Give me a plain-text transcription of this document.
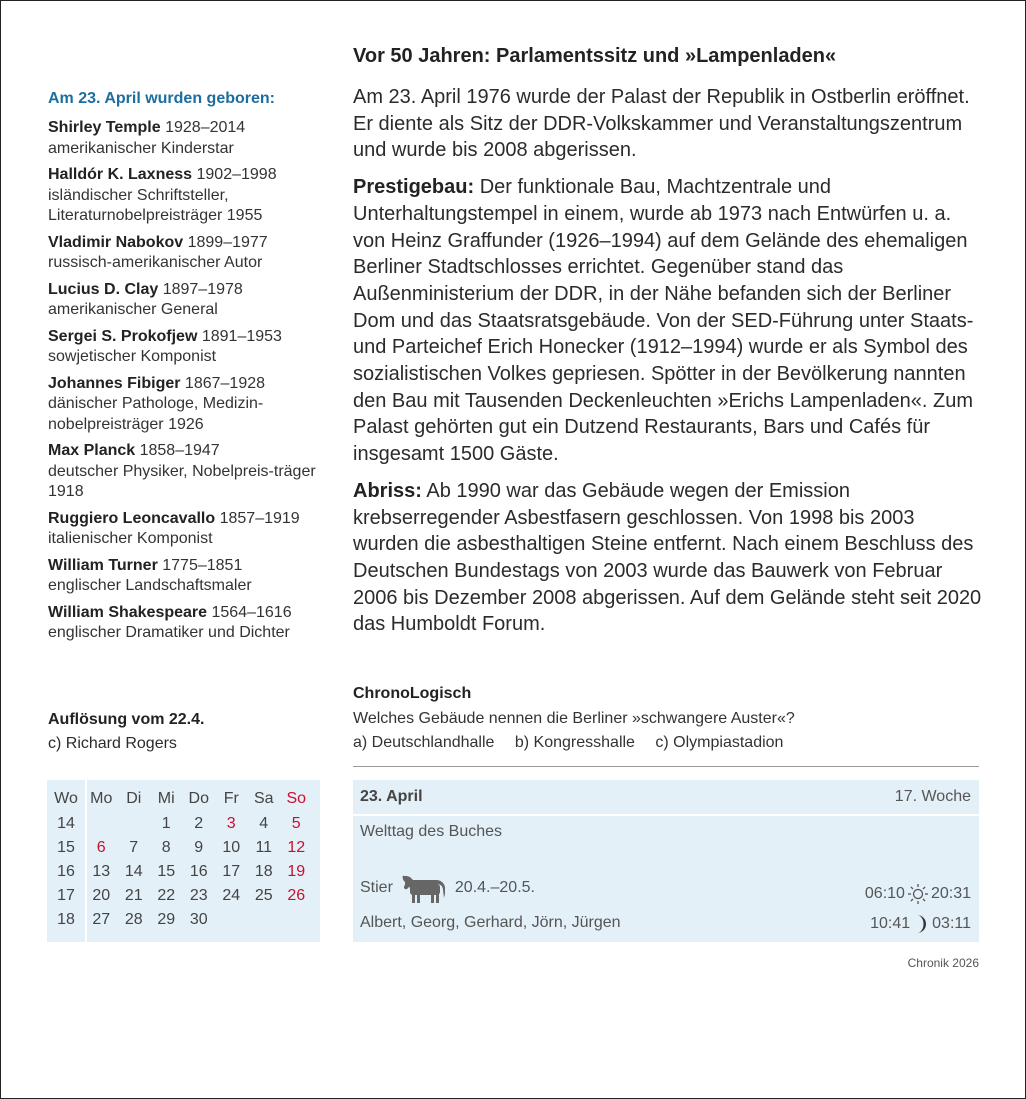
Am 23. April wurden geboren:
Shirley Temple 1928–2014
amerikanischer Kinderstar
Halldór K. Laxness 1902–1998
isländischer Schriftsteller, Literaturnobelpreisträger 1955
Vladimir Nabokov 1899–1977
russisch-amerikanischer Autor
Lucius D. Clay 1897–1978
amerikanischer General
Sergei S. Prokofjew 1891–1953
sowjetischer Komponist
Johannes Fibiger 1867–1928
dänischer Pathologe, Medizin-nobelpreisträger 1926
Max Planck 1858–1947
deutscher Physiker, Nobelpreis-träger 1918
Ruggiero Leoncavallo 1857–1919
italienischer Komponist
William Turner 1775–1851
englischer Landschaftsmaler
William Shakespeare 1564–1616
englischer Dramatiker und Dichter
Vor 50 Jahren: Parlamentssitz und »Lampenladen«

Am 23. April 1976 wurde der Palast der Republik in Ostberlin eröffnet. Er diente als Sitz der DDR-Volkskammer und Veranstaltungszentrum und wurde bis 2008 abgerissen.

Prestigebau: Der funktionale Bau, Machtzentrale und Unterhaltungstempel in einem, wurde ab 1973 nach Entwürfen u. a. von Heinz Graffunder (1926–1994) auf dem Gelände des ehemaligen Berliner Stadtschlosses errichtet. Gegenüber stand das Außenministerium der DDR, in der Nähe befanden sich der Berliner Dom und das Staatsratsgebäude. Von der SED-Führung unter Staats- und Parteichef Erich Honecker (1912–1994) wurde er als Symbol des sozialistischen Volkes gepriesen. Spötter in der Bevölkerung nannten den Bau mit Tausenden Deckenleuchten »Erichs Lampenladen«. Zum Palast gehörten gut ein Dutzend Restaurants, Bars und Cafés für insgesamt 1500 Gäste.

Abriss: Ab 1990 war das Gebäude wegen der Emission krebserregender Asbestfasern geschlossen. Von 1998 bis 2003 wurden die asbesthaltigen Steine entfernt. Nach einem Beschluss des Deutschen Bundestags von 2003 wurde das Bauwerk von Februar 2006 bis Dezember 2008 abgerissen. Auf dem Gelände steht seit 2020 das Humboldt Forum.

Auflösung vom 22.4.
c) Richard Rogers
ChronoLogisch
Welches Gebäude nennen die Berliner »schwangere Auster«?
a) Deutschlandhalle b) Kongresshalle c) Olympiastadion
Wo	Mo	Di	Mi	Do	Fr	Sa	So
14			1	2	3	4	5
15	6	7	8	9	10	11	12
16	13	14	15	16	17	18	19
17	20	21	22	23	24	25	26
18	27	28	29	30			
23. April	17. Woche
Welttag des Buches
Stier	20.4.–20.5.	06:10 20:31
Albert, Georg, Gerhard, Jörn, Jürgen	10:41 03:11
Chronik 2026
